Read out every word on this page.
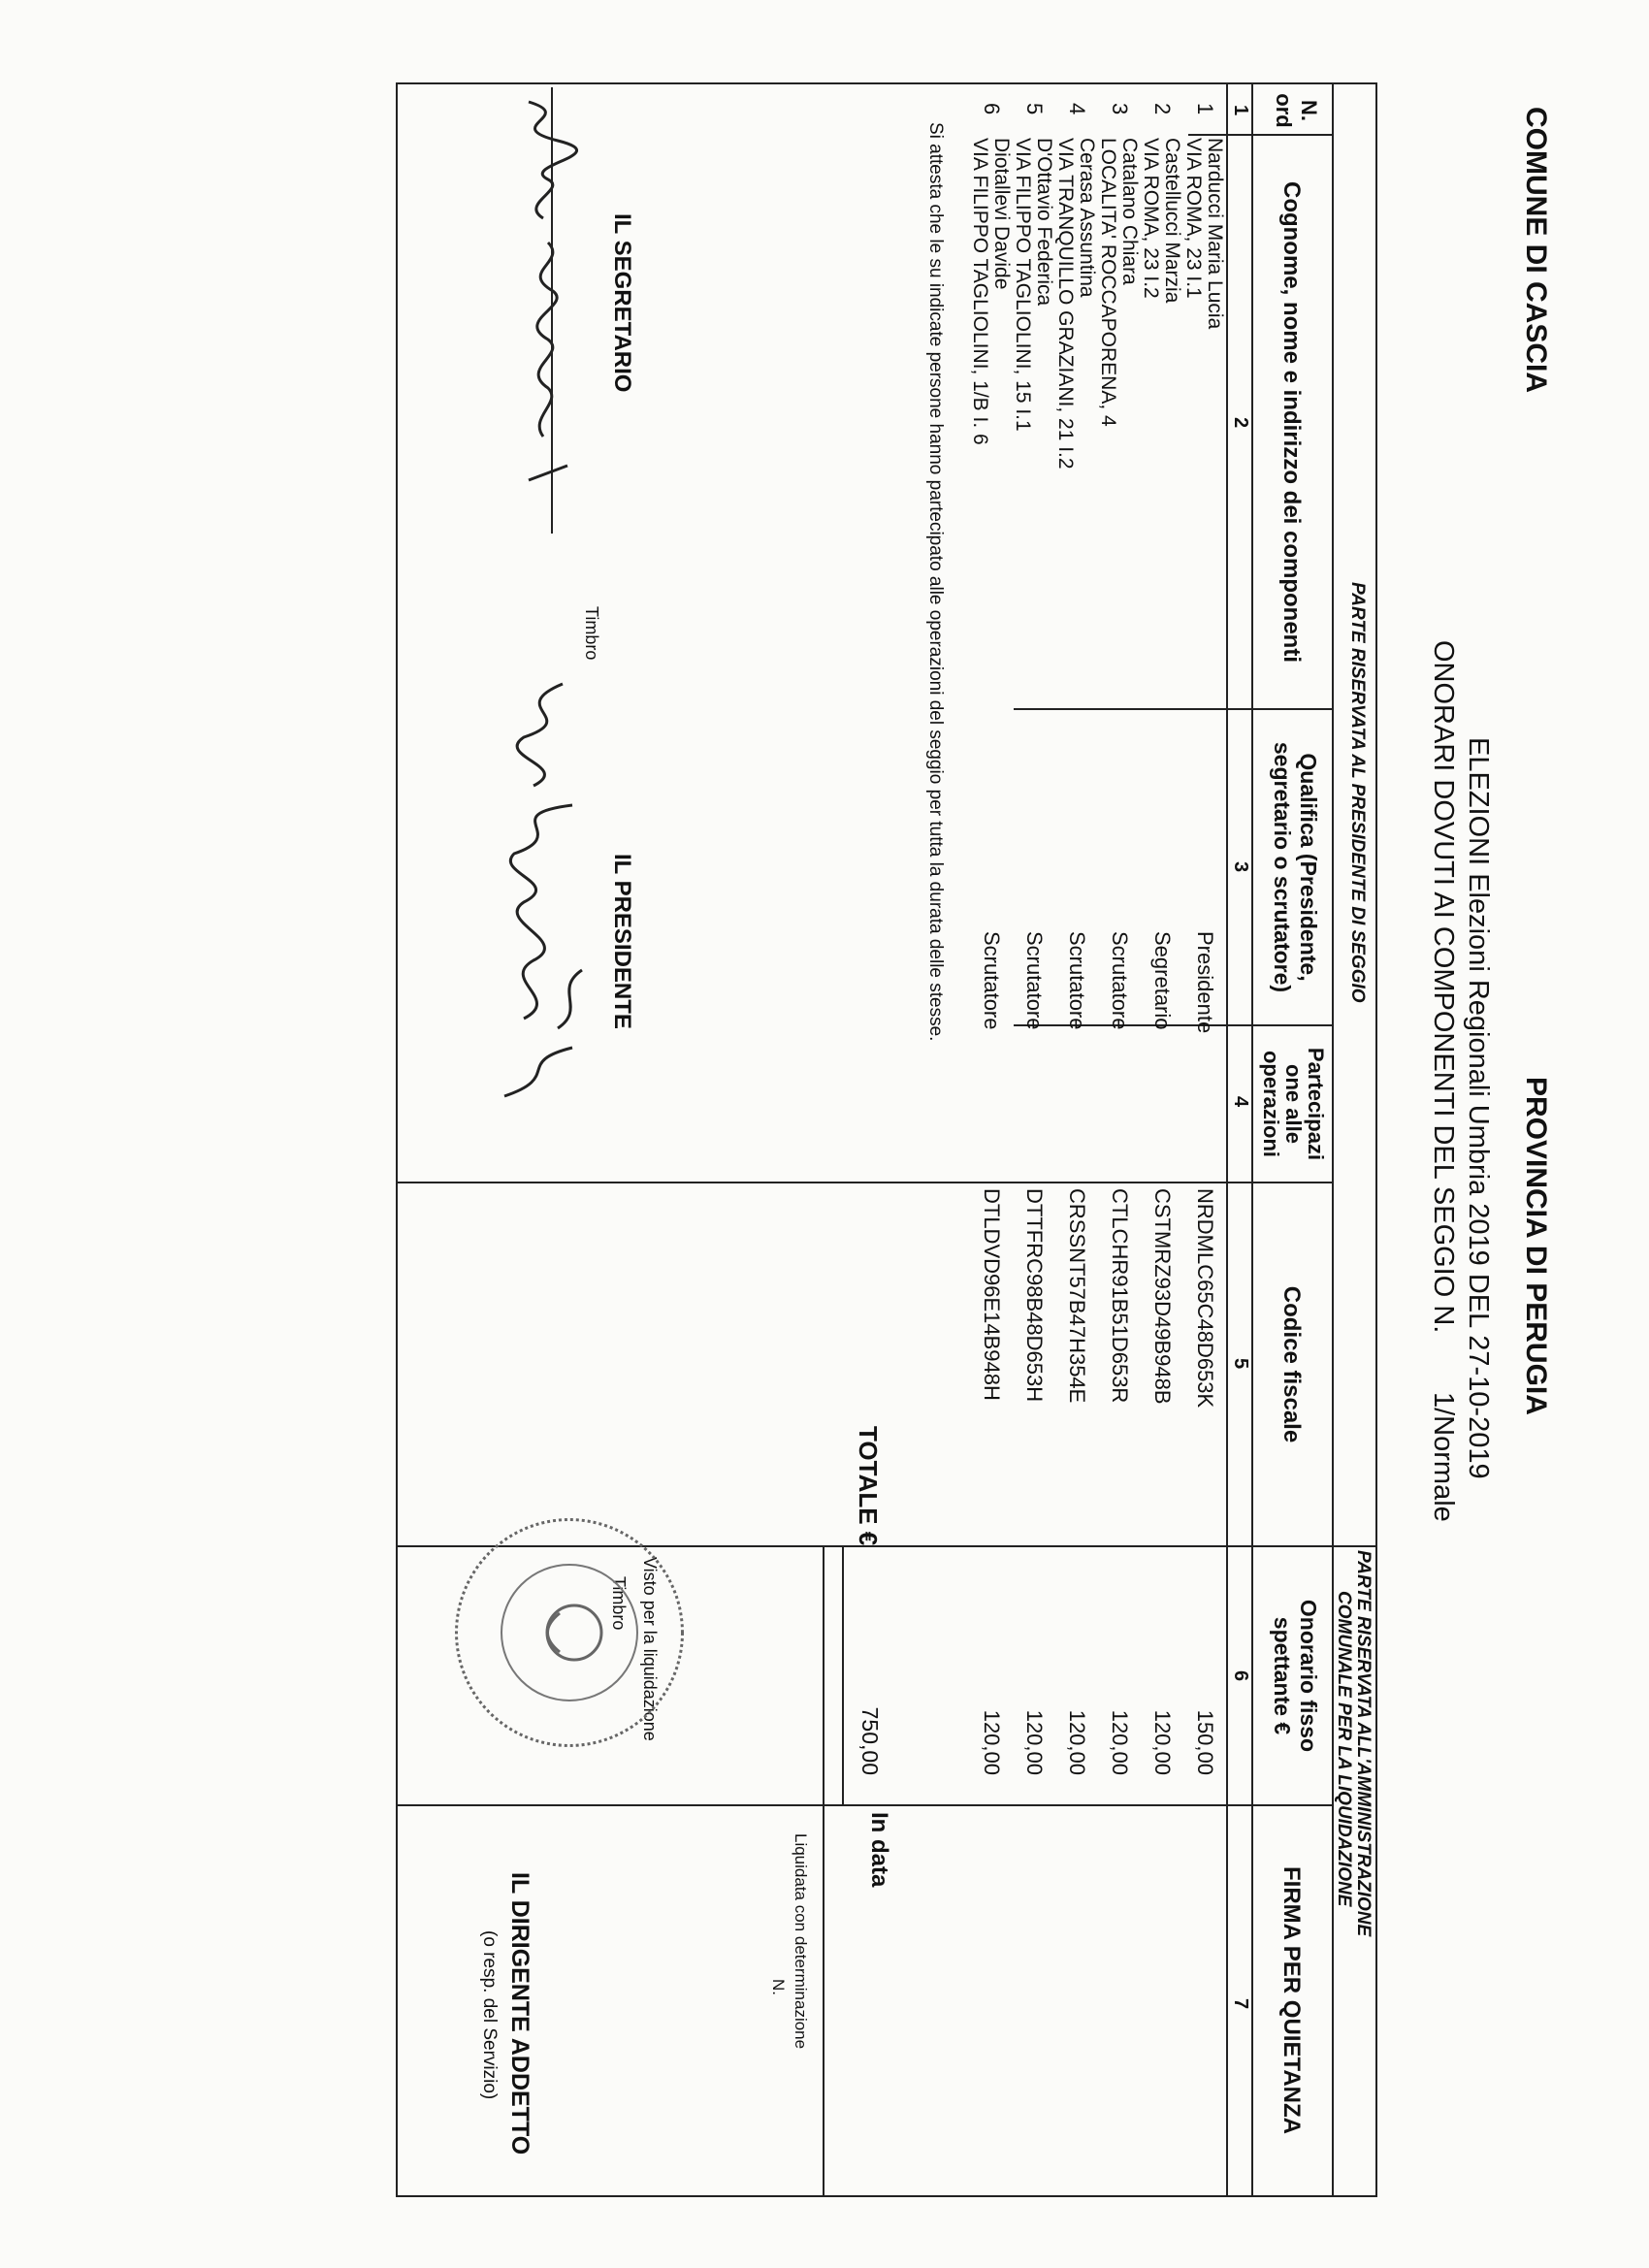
COMUNE DI CASCIA
PROVINCIA DI PERUGIA
ELEZIONI Elezioni Regionali Umbria 2019 DEL 27-10-2019
ONORARI DOVUTI AI COMPONENTI DEL SEGGIO N.
1/Normale
PARTE RISERVATA AL PRESIDENTE DI SEGGIO
PARTE RISERVATA ALL'AMMINISTRAZIONE
COMUNALE PER LA LIQUIDAZIONE
N.
ord
Cognome, nome e indirizzo dei componenti
Qualifica (Presidente,
segretario o scrutatore)
Partecipazi
one alle
operazioni
Codice fiscale
Onorario fisso
spettante €
FIRMA PER QUIETANZA
1
2
3
4
5
6
7
1
Narducci Maria Lucia
VIA ROMA, 23 I.1
Presidente
NRDMLC65C48D653K
150,00
2
Castellucci Marzia
VIA ROMA, 23 I.2
Segretario
CSTMRZ93D49B948B
120,00
3
Catalano Chiara
LOCALITA' ROCCAPORENA, 4
Scrutatore
CTLCHR91B51D653R
120,00
4
Cerasa Assuntina
VIA TRANQUILLO GRAZIANI, 21 I.2
Scrutatore
CRSSNT57B47H354E
120,00
5
D'Ottavio Federica
VIA FILIPPO TAGLIOLINI, 15 I.1
Scrutatore
DTTFRC98B48D653H
120,00
6
Diotallevi Davide
VIA FILIPPO TAGLIOLINI, 1/B I. 6
Scrutatore
DTLDVD96E14B948H
120,00
TOTALE €
750,00
In data
Liquidata con determinazione
N.
Si attesta che le su indicate persone hanno partecipato alle operazioni del seggio per tutta la durata delle stesse.
IL SEGRETARIO
Timbro
IL PRESIDENTE
Visto per la liquidazione
Timbro
IL DIRIGENTE ADDETTO
(o resp. del Servizio)
